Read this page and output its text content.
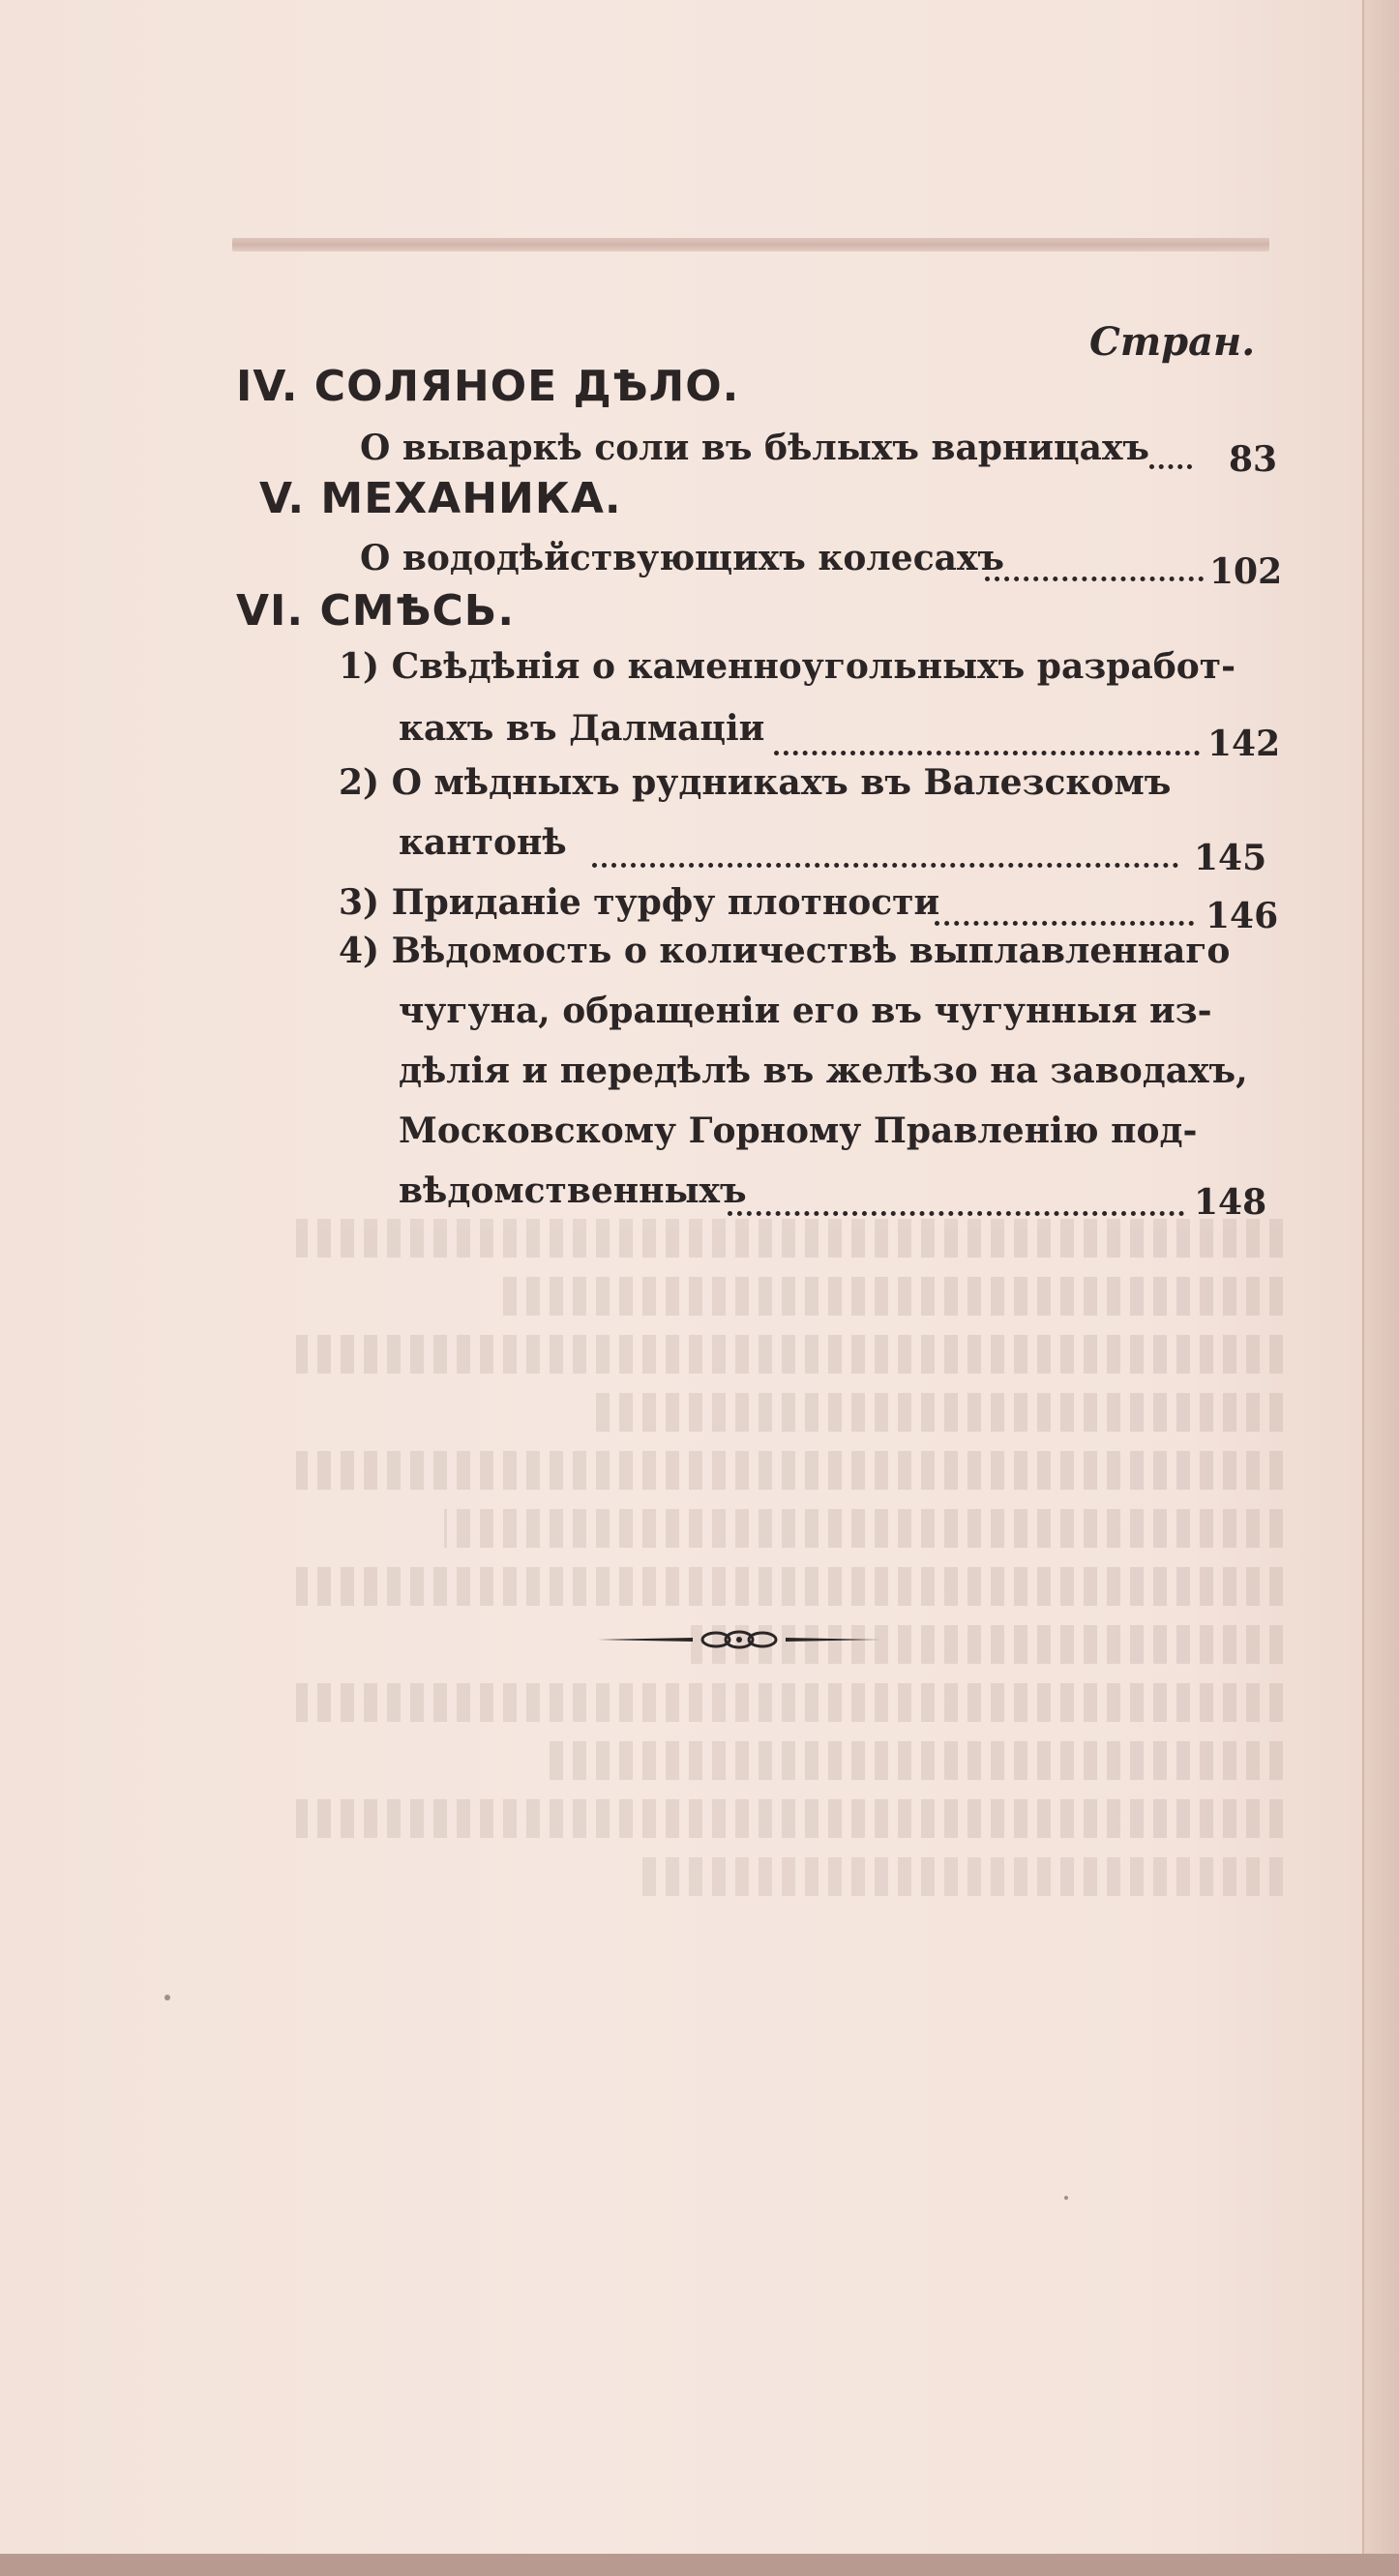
Стран.
IV. СОЛЯНОЕ ДѢЛО.
О вываркѣ соли въ бѣлыхъ варницахъ 83
V. МЕХАНИКА.
О вододѣйствующихъ колесахъ	102
VI. СМѢСЬ.
1) Свѣдѣнія о каменноугольныхъ разработ-
кахъ въ Далмаціи	142
2) О мѣдныхъ рудникахъ въ Валезскомъ
кантонѣ	145
3) Приданіе турфу плотности	146
4) Вѣдомость о количествѣ выплавленнаго
чугуна, обращеніи его въ чугунныя из-
дѣлія и передѣлѣ въ желѣзо на заводахъ,
Московскому Горному Правленію под-
вѣдомственныхъ	148
